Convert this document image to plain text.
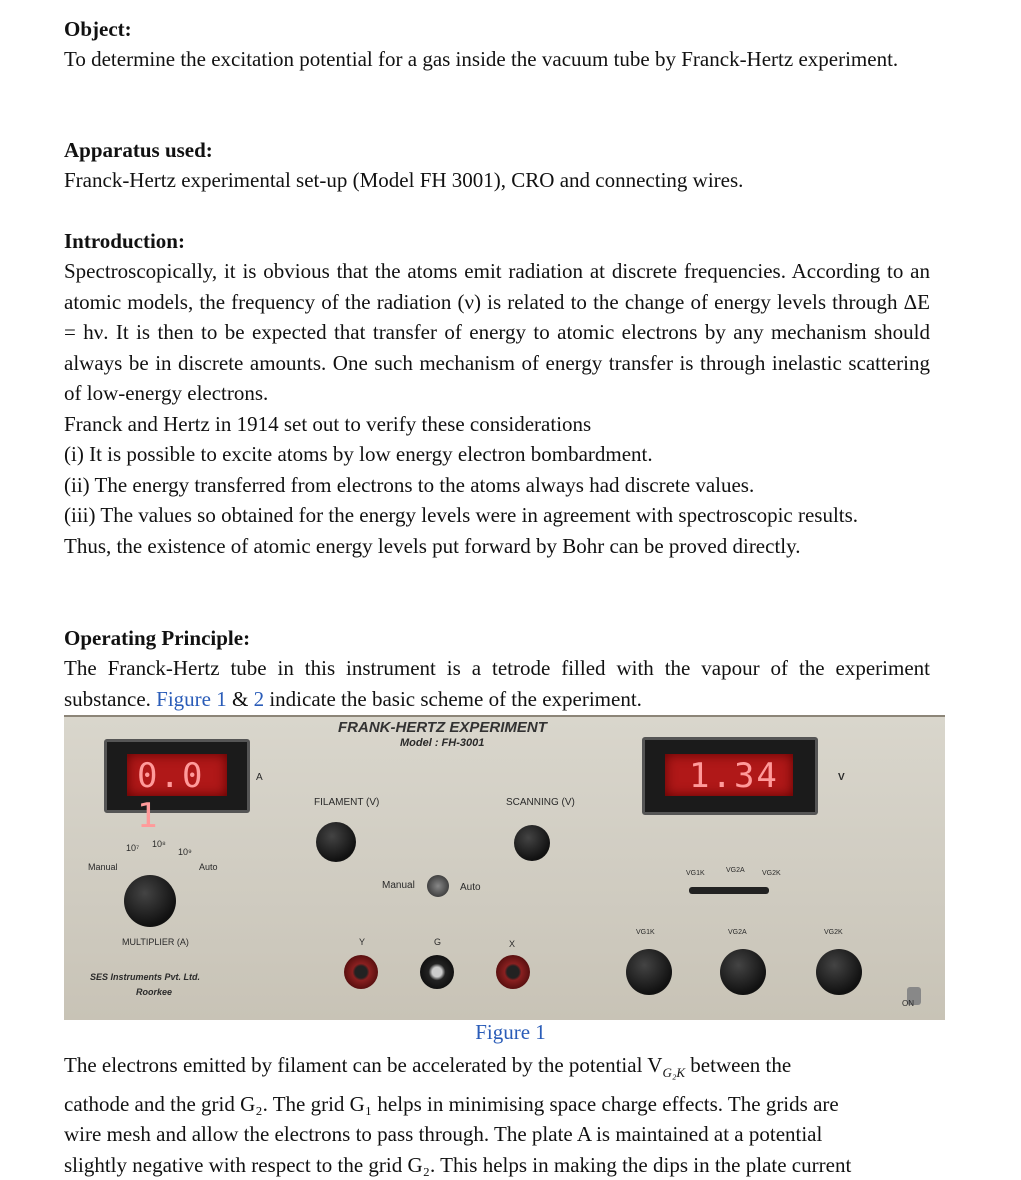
Object:

To determine the excitation potential for a gas inside the vacuum tube by Franck-Hertz experiment.

Apparatus used:

Franck-Hertz experimental set-up (Model FH 3001), CRO and connecting wires.

Introduction:

Spectroscopically, it is obvious that the atoms emit radiation at discrete frequencies. According to an atomic models, the frequency of the radiation (ν) is related to the change of energy levels through ΔE = hν. It is then to be expected that transfer of energy to atomic electrons by any mechanism should always be in discrete amounts. One such mechanism of energy transfer is through inelastic scattering of low-energy electrons.

Franck and Hertz in 1914 set out to verify these considerations

(i) It is possible to excite atoms by low energy electron bombardment.

(ii) The energy transferred from electrons to the atoms always had discrete values.

(iii) The values so obtained for the energy levels were in agreement with spectroscopic results.

Thus, the existence of atomic energy levels put forward by Bohr can be proved directly.

Operating Principle:

The Franck-Hertz tube in this instrument is a tetrode filled with the vapour of the experiment substance. Figure 1 & 2 indicate the basic scheme of the experiment.

FRANK-HERTZ EXPERIMENT
Model : FH-3001
0.0 1
A	1.34	V
FILAMENT (V)	SCANNING (V)
10⁷ 10⁸
10⁹
Manual	Auto
MULTIPLIER (A)
Manual	Auto
VG1K	VG2A VG2K
Y	G	X
VG1K	VG2A	VG2K
SES Instruments Pvt. Ltd.
Roorkee
ON
Figure 1

The electrons emitted by filament can be accelerated by the potential $V_{G_2K}$ between the

cathode and the grid G₂. The grid G₁ helps in minimising space charge effects. The grids are

wire mesh and allow the electrons to pass through. The plate A is maintained at a potential

slightly negative with respect to the grid G₂. This helps in making the dips in the plate current
